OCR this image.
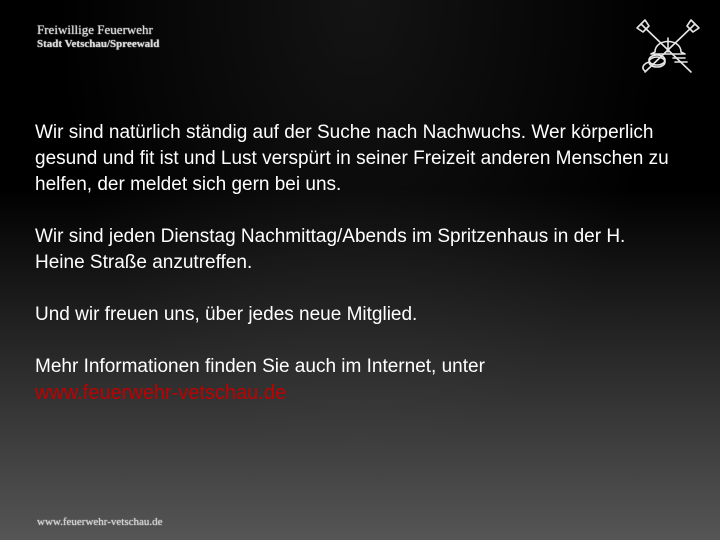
Freiwillige Feuerwehr
Stadt Vetschau/Spreewald

Wir sind natürlich ständig auf der Suche nach Nachwuchs. Wer körperlich gesund und fit ist und Lust verspürt in seiner Freizeit anderen Menschen zu helfen, der meldet sich gern bei uns.

Wir sind jeden Dienstag Nachmittag/Abends im Spritzenhaus in der H. Heine Straße anzutreffen.

Und wir freuen uns, über jedes neue Mitglied.

Mehr Informationen finden Sie auch im Internet, unter
www.feuerwehr-vetschau.de

www.feuerwehr-vetschau.de
